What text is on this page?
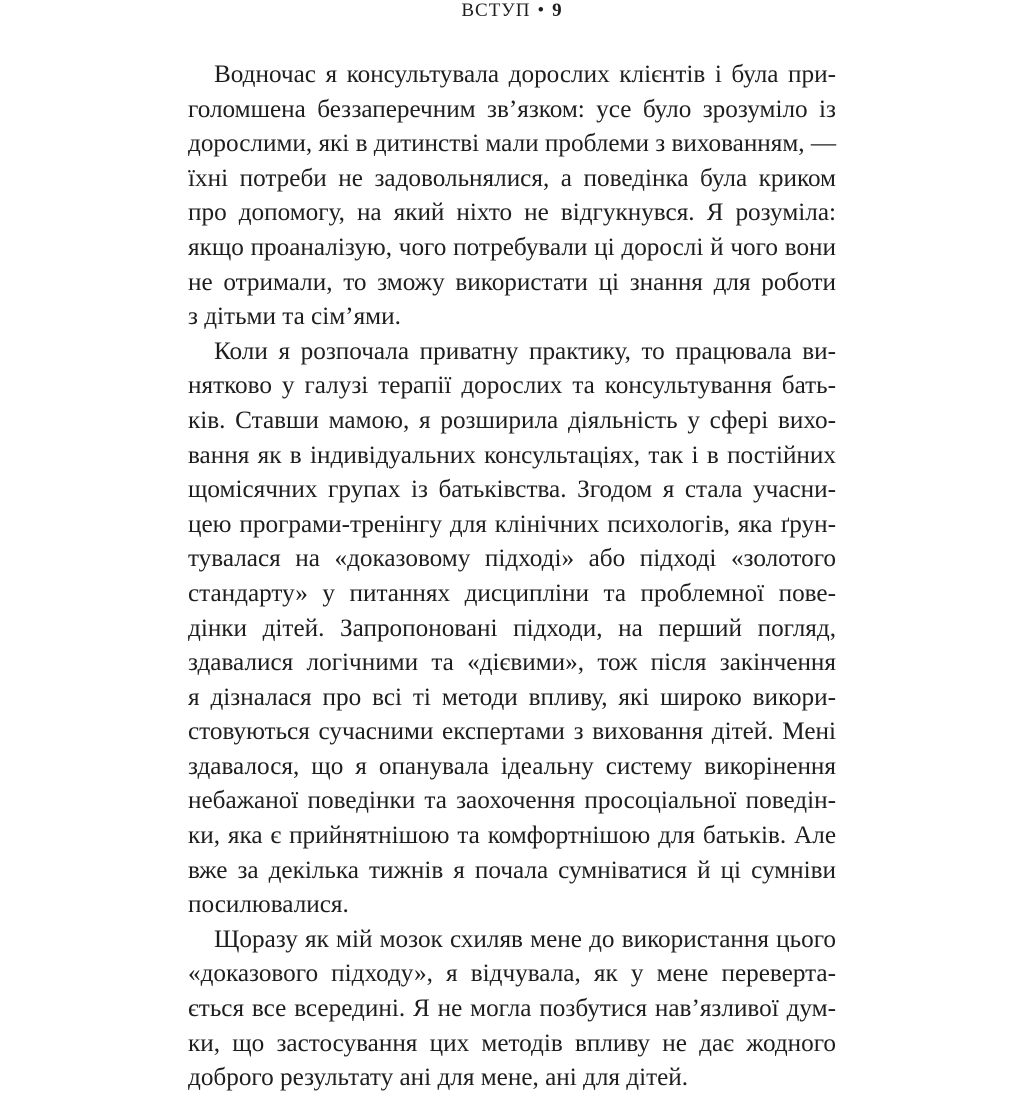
ВСТУП • 9
Водночас я консультувала дорослих клієнтів і була при-
голомшена беззаперечним зв’язком: усе було зрозуміло із
дорослими, які в дитинстві мали проблеми з вихованням, —
їхні потреби не задовольнялися, а поведінка була криком
про допомогу, на який ніхто не відгукнувся. Я розуміла:
якщо проаналізую, чого потребували ці дорослі й чого вони
не отримали, то зможу використати ці знання для роботи
з дітьми та сім’ями.
Коли я розпочала приватну практику, то працювала ви-
нятково у галузі терапії дорослих та консультування бать-
ків. Ставши мамою, я розширила діяльність у сфері вихо-
вання як в індивідуальних консультаціях, так і в постійних
щомісячних групах із батьківства. Згодом я стала учасни-
цею програми-тренінгу для клінічних психологів, яка ґрун-
тувалася на «доказовому підході» або підході «золотого
стандарту» у питаннях дисципліни та проблемної пове-
дінки дітей. Запропоновані підходи, на перший погляд,
здавалися логічними та «дієвими», тож після закінчення
я дізналася про всі ті методи впливу, які широко викори-
стовуються сучасними експертами з виховання дітей. Мені
здавалося, що я опанувала ідеальну систему викорінення
небажаної поведінки та заохочення просоціальної поведін-
ки, яка є прийнятнішою та комфортнішою для батьків. Але
вже за декілька тижнів я почала сумніватися й ці сумніви
посилювалися.
Щоразу як мій мозок схиляв мене до використання цього
«доказового підходу», я відчувала, як у мене переверта-
ється все всередині. Я не могла позбутися нав’язливої дум-
ки, що застосування цих методів впливу не дає жодного
доброго результату ані для мене, ані для дітей.
